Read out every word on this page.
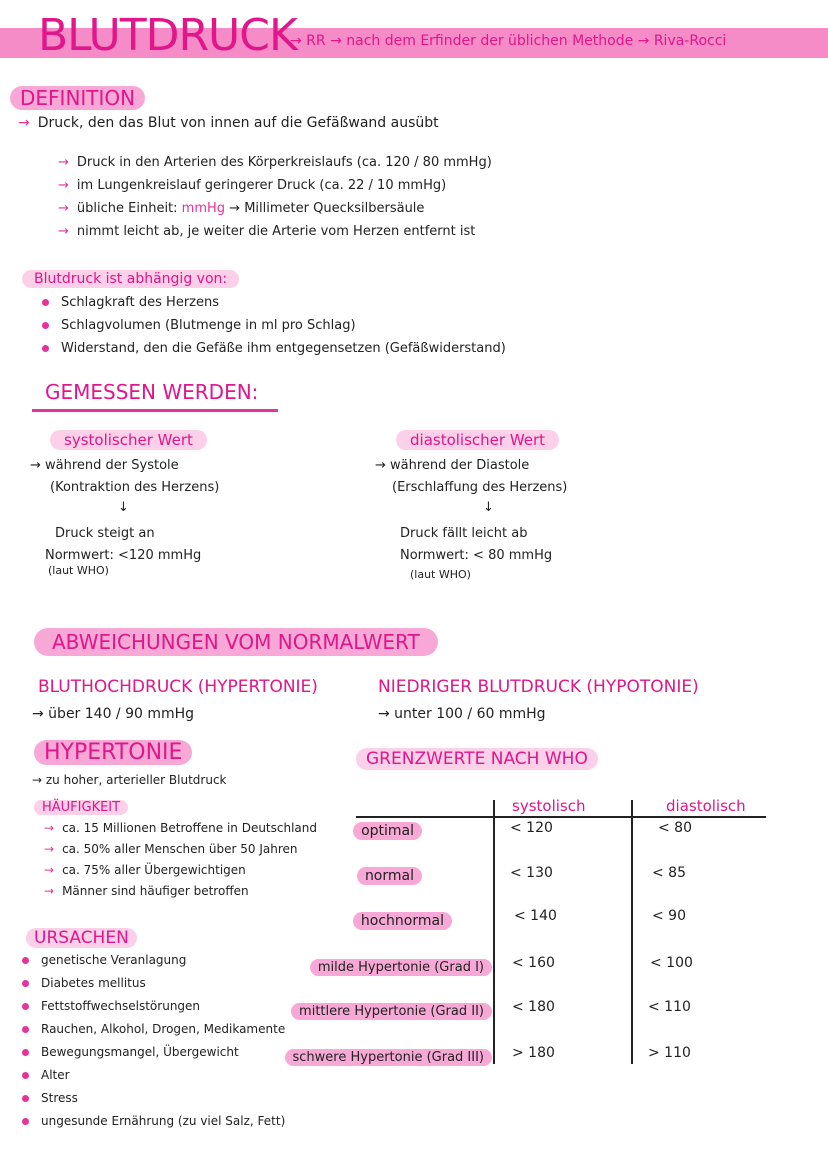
BLUTDRUCK
→ RR → nach dem Erfinder der üblichen Methode → Riva-Rocci
DEFINITION
→ Druck, den das Blut von innen auf die Gefäßwand ausübt
→ Druck in den Arterien des Körperkreislaufs (ca. 120 / 80 mmHg)
→ im Lungenkreislauf geringerer Druck (ca. 22 / 10 mmHg)
→ übliche Einheit: mmHg → Millimeter Quecksilbersäule
→ nimmt leicht ab, je weiter die Arterie vom Herzen entfernt ist
Blutdruck ist abhängig von:
Schlagkraft des Herzens
Schlagvolumen (Blutmenge in ml pro Schlag)
Widerstand, den die Gefäße ihm entgegensetzen (Gefäßwiderstand)
GEMESSEN WERDEN:
systolischer Wert
→ während der Systole
(Kontraktion des Herzens)
↓
Druck steigt an
Normwert: <120 mmHg
(laut WHO)
diastolischer Wert
→ während der Diastole
(Erschlaffung des Herzens)
↓
Druck fällt leicht ab
Normwert: < 80 mmHg
(laut WHO)
ABWEICHUNGEN VOM NORMALWERT
BLUTHOCHDRUCK (HYPERTONIE)
→ über 140 / 90 mmHg
NIEDRIGER BLUTDRUCK (HYPOTONIE)
→ unter 100 / 60 mmHg
HYPERTONIE
→ zu hoher, arterieller Blutdruck
HÄUFIGKEIT
→ ca. 15 Millionen Betroffene in Deutschland
→ ca. 50% aller Menschen über 50 Jahren
→ ca. 75% aller Übergewichtigen
→ Männer sind häufiger betroffen
URSACHEN
genetische Veranlagung
Diabetes mellitus
Fettstoffwechselstörungen
Rauchen, Alkohol, Drogen, Medikamente
Bewegungsmangel, Übergewicht
Alter
Stress
ungesunde Ernährung (zu viel Salz, Fett)
GRENZWERTE NACH WHO
systolisch	diastolisch
optimal	< 120	< 80
normal	< 130	< 85
hochnormal	< 140	< 90
milde Hypertonie (Grad I)	< 160	< 100
mittlere Hypertonie (Grad II)	< 180	< 110
schwere Hypertonie (Grad III)	> 180	> 110
